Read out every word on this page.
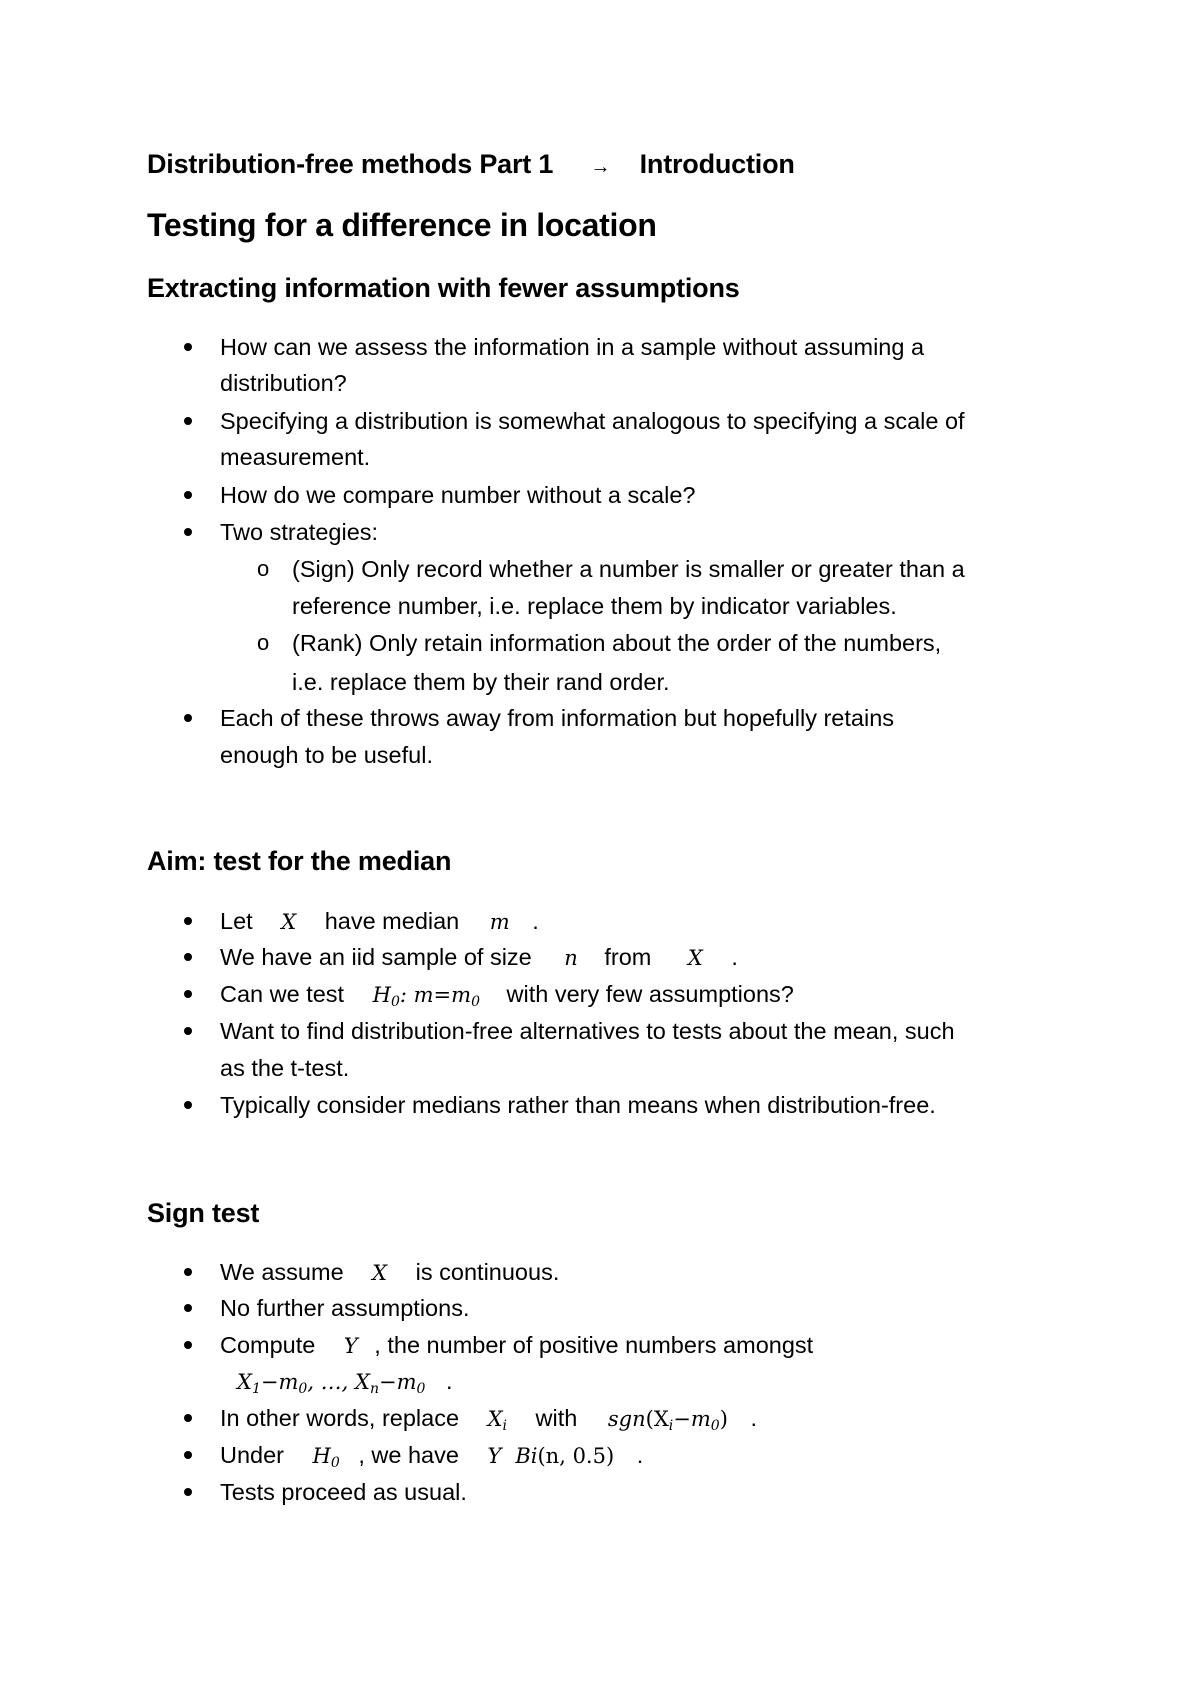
Distribution-free methods Part 1 → Introduction
Testing for a difference in location
Extracting information with fewer assumptions
How can we assess the information in a sample without assuming a
distribution?
Specifying a distribution is somewhat analogous to specifying a scale of
measurement.
How do we compare number without a scale?
Two strategies:
o (Sign) Only record whether a number is smaller or greater than a
reference number, i.e. replace them by indicator variables.
o (Rank) Only retain information about the order of the numbers,
i.e. replace them by their rand order.
Each of these throws away from information but hopefully retains
enough to be useful.
Aim: test for the median
Let X have median m .
We have an iid sample of size n from X .
Can we test $H_0$: $m=m_0$ with very few assumptions?
Want to find distribution-free alternatives to tests about the mean, such
as the t-test.
Typically consider medians rather than means when distribution-free.
Sign test
We assume X is continuous.
No further assumptions.
Compute Y , the number of positive numbers amongst
$X_1-m_0$, …, $X_n-m_0$ .
In other words, replace $X_i$ with $sgn(X_i-m_0)$ .
Under $H_0$ , we have Y Bi(n, 0.5) .
Tests proceed as usual.
